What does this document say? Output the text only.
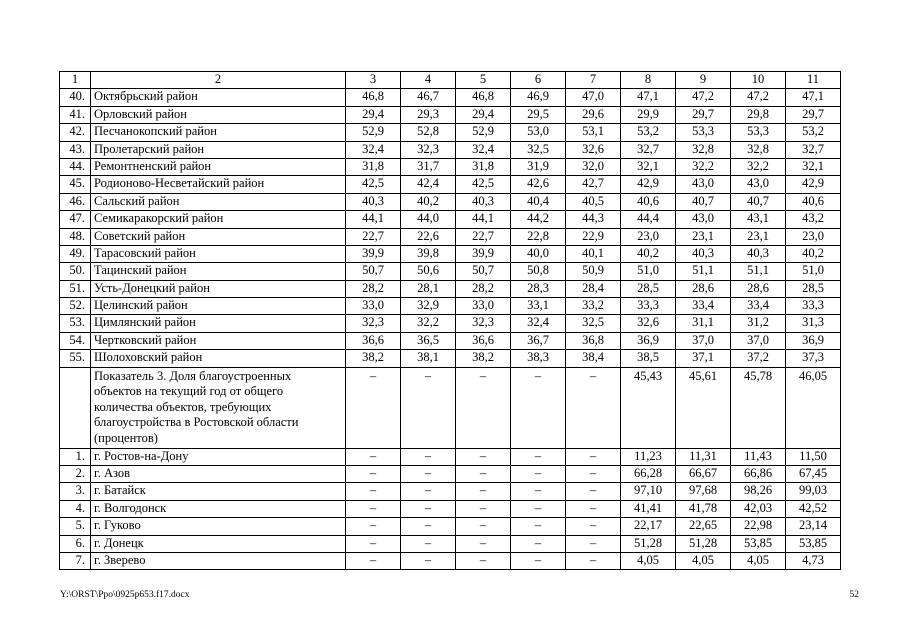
1	2	3	4	5	6	7	8	9	10	11
40.	Октябрьский район	46,8	46,7	46,8	46,9	47,0	47,1	47,2	47,2	47,1
41.	Орловский район	29,4	29,3	29,4	29,5	29,6	29,9	29,7	29,8	29,7
42.	Песчанокопский район	52,9	52,8	52,9	53,0	53,1	53,2	53,3	53,3	53,2
43.	Пролетарский район	32,4	32,3	32,4	32,5	32,6	32,7	32,8	32,8	32,7
44.	Ремонтненский район	31,8	31,7	31,8	31,9	32,0	32,1	32,2	32,2	32,1
45.	Родионово-Несветайский район	42,5	42,4	42,5	42,6	42,7	42,9	43,0	43,0	42,9
46.	Сальский район	40,3	40,2	40,3	40,4	40,5	40,6	40,7	40,7	40,6
47.	Семикаракорский район	44,1	44,0	44,1	44,2	44,3	44,4	43,0	43,1	43,2
48.	Советский район	22,7	22,6	22,7	22,8	22,9	23,0	23,1	23,1	23,0
49.	Тарасовский район	39,9	39,8	39,9	40,0	40,1	40,2	40,3	40,3	40,2
50.	Тацинский район	50,7	50,6	50,7	50,8	50,9	51,0	51,1	51,1	51,0
51.	Усть-Донецкий район	28,2	28,1	28,2	28,3	28,4	28,5	28,6	28,6	28,5
52.	Целинский район	33,0	32,9	33,0	33,1	33,2	33,3	33,4	33,4	33,3
53.	Цимлянский район	32,3	32,2	32,3	32,4	32,5	32,6	31,1	31,2	31,3
54.	Чертковский район	36,6	36,5	36,6	36,7	36,8	36,9	37,0	37,0	36,9
55.	Шолоховский район	38,2	38,1	38,2	38,3	38,4	38,5	37,1	37,2	37,3
	Показатель 3. Доля благоустроенных объектов на текущий год от общего количества объектов, требующих благоустройства в Ростовской области (процентов)	–	–	–	–	–	45,43	45,61	45,78	46,05
1.	г. Ростов-на-Дону	–	–	–	–	–	11,23	11,31	11,43	11,50
2.	г. Азов	–	–	–	–	–	66,28	66,67	66,86	67,45
3.	г. Батайск	–	–	–	–	–	97,10	97,68	98,26	99,03
4.	г. Волгодонск	–	–	–	–	–	41,41	41,78	42,03	42,52
5.	г. Гуково	–	–	–	–	–	22,17	22,65	22,98	23,14
6.	г. Донецк	–	–	–	–	–	51,28	51,28	53,85	53,85
7.	г. Зверево	–	–	–	–	–	4,05	4,05	4,05	4,73
Y:\ORST\Ppo\0925p653.f17.docx	52
